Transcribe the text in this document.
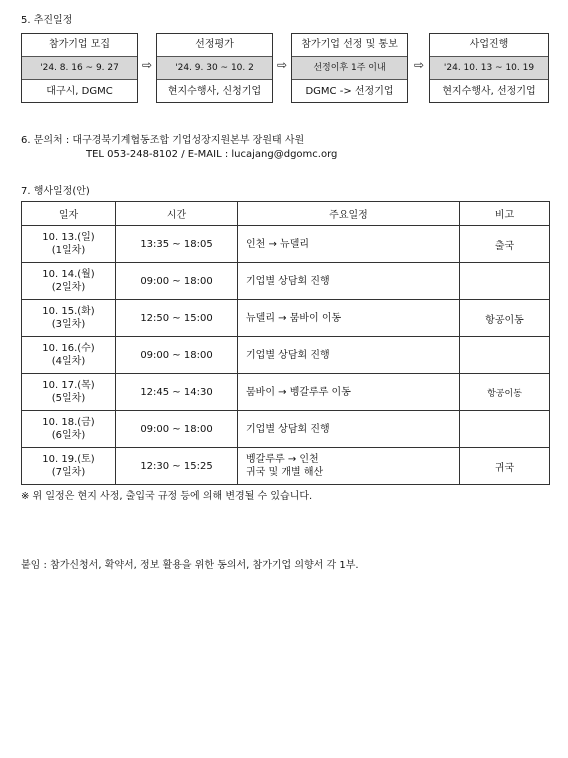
5. 추진일정
참가기업 모집
'24. 8. 16 ~ 9. 27
대구시, DGMC
⇨
선정평가
'24. 9. 30 ~ 10. 2
현지수행사, 신청기업
⇨
참가기업 선정 및 통보
선정이후 1주 이내
DGMC -> 선정기업
⇨
사업진행
'24. 10. 13 ~ 10. 19
현지수행사, 선정기업
6. 문의처 : 대구경북기계협동조합 기업성장지원본부 장원태 사원
TEL 053-248-8102 / E-MAIL : lucajang@dgomc.org
7. 행사일정(안)
일자	시간	주요일정	비고
10. 13.(일)
(1일차)	13:35 ~ 18:05	인천 → 뉴델리	출국
10. 14.(월)
(2일차)	09:00 ~ 18:00	기업별 상담회 진행	
10. 15.(화)
(3일차)	12:50 ~ 15:00	뉴델리 → 뭄바이 이동	항공이동
10. 16.(수)
(4일차)	09:00 ~ 18:00	기업별 상담회 진행	
10. 17.(목)
(5일차)	12:45 ~ 14:30	뭄바이 → 벵갈루루 이동	항공이동
10. 18.(금)
(6일차)	09:00 ~ 18:00	기업별 상담회 진행	
10. 19.(토)
(7일차)	12:30 ~ 15:25	벵갈루루 → 인천
귀국 및 개별 해산	귀국
※ 위 일정은 현지 사정, 출입국 규정 등에 의해 변경될 수 있습니다.
붙임 : 참가신청서, 확약서, 정보 활용을 위한 동의서, 참가기업 의향서 각 1부.
